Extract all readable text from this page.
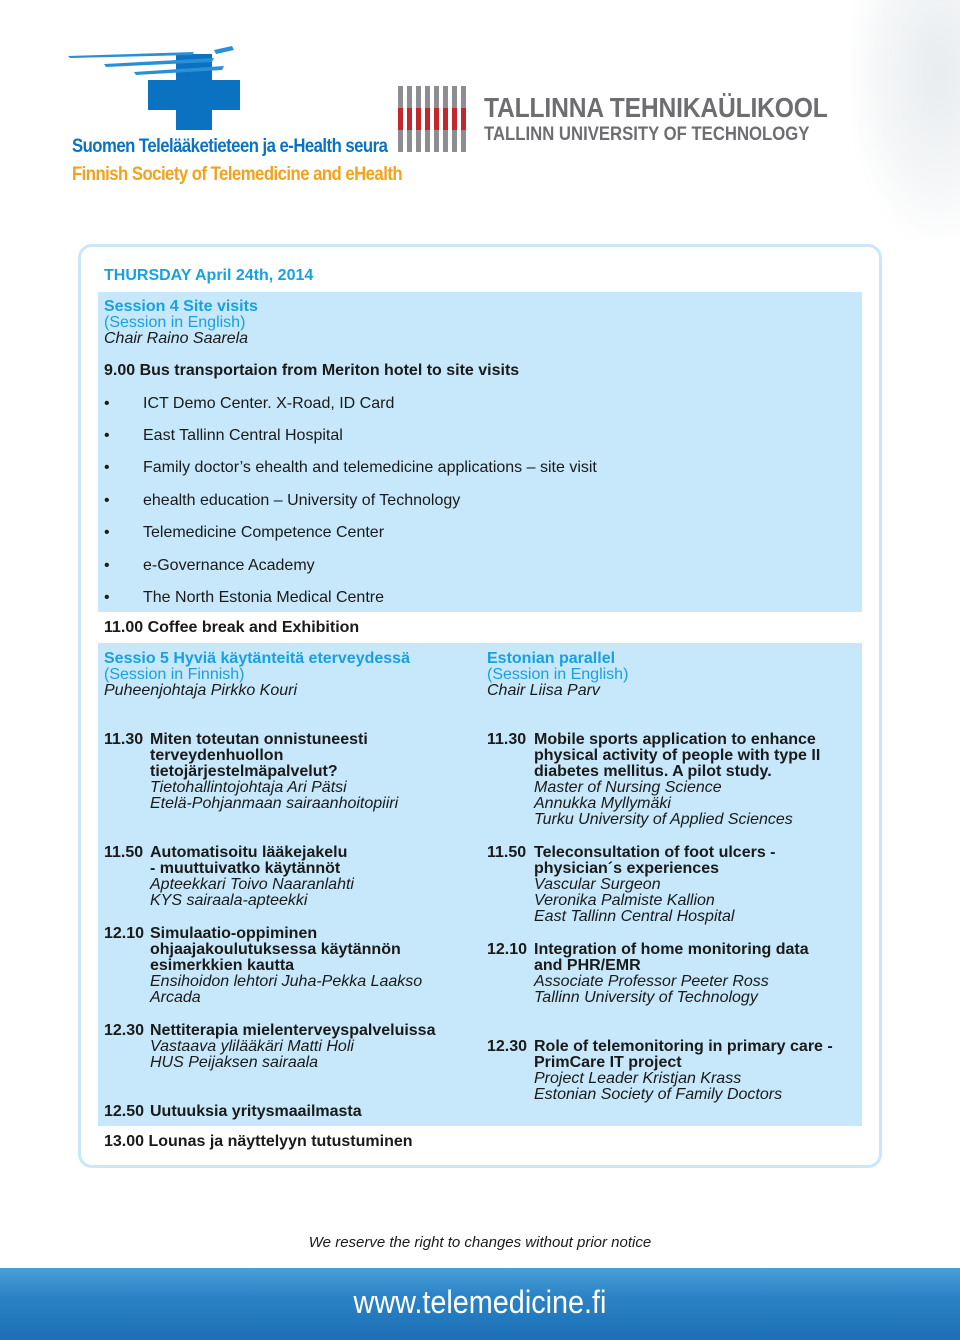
Suomen Telelääketieteen ja e-Health seura
Finnish Society of Telemedicine and eHealth
TALLINNA TEHNIKAÜLIKOOL
TALLINN UNIVERSITY OF TECHNOLOGY
THURSDAY April 24th, 2014
Session 4 Site visits
(Session in English)
Chair Raino Saarela
9.00 Bus transportaion from Meriton hotel to site visits
• ICT Demo Center. X-Road, ID Card
• East Tallinn Central Hospital
• Family doctor’s ehealth and telemedicine applications – site visit
• ehealth education – University of Technology
• Telemedicine Competence Center
• e-Governance Academy
• The North Estonia Medical Centre
11.00 Coffee break and Exhibition
Sessio 5 Hyviä käytänteitä eterveydessä
(Session in Finnish)
Puheenjohtaja Pirkko Kouri
Estonian parallel
(Session in English)
Chair Liisa Parv
11.30 Miten toteutan onnistuneesti
terveydenhuollon
tietojärjestelmäpalvelut?
Tietohallintojohtaja Ari Pätsi
Etelä-Pohjanmaan sairaanhoitopiiri
11.50 Automatisoitu lääkejakelu
- muuttuivatko käytännöt
Apteekkari Toivo Naaranlahti
KYS sairaala-apteekki
12.10 Simulaatio-oppiminen
ohjaajakoulutuksessa käytännön
esimerkkien kautta
Ensihoidon lehtori Juha-Pekka Laakso
Arcada
12.30 Nettiterapia mielenterveyspalveluissa
Vastaava ylilääkäri Matti Holi
HUS Peijaksen sairaala
12.50 Uutuuksia yritysmaailmasta
11.30 Mobile sports application to enhance
physical activity of people with type II
diabetes mellitus. A pilot study.
Master of Nursing Science
Annukka Myllymäki
Turku University of Applied Sciences
11.50 Teleconsultation of foot ulcers -
physician´s experiences
Vascular Surgeon
Veronika Palmiste Kallion
East Tallinn Central Hospital
12.10 Integration of home monitoring data
and PHR/EMR
Associate Professor Peeter Ross
Tallinn University of Technology
12.30 Role of telemonitoring in primary care -
PrimCare IT project
Project Leader Kristjan Krass
Estonian Society of Family Doctors
13.00 Lounas ja näyttelyyn tutustuminen
We reserve the right to changes without prior notice
www.telemedicine.fi
